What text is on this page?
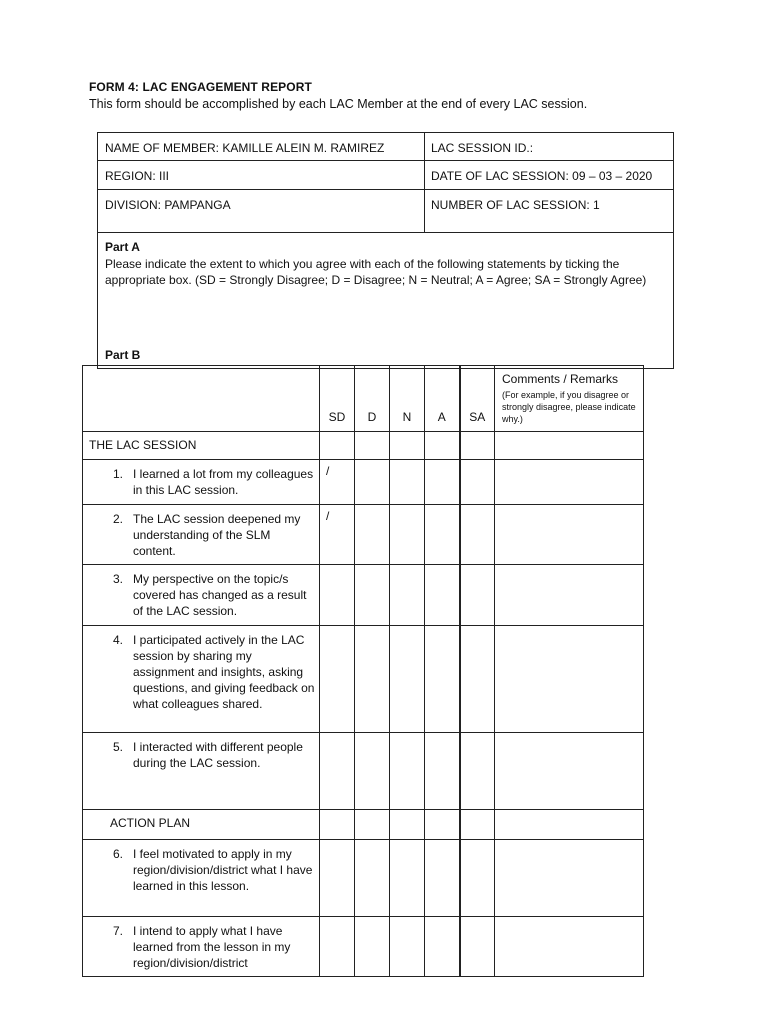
FORM 4: LAC ENGAGEMENT REPORT
This form should be accomplished by each LAC Member at the end of every LAC session.
NAME OF MEMBER: KAMILLE ALEIN M. RAMIREZ	LAC SESSION ID.:
REGION: III	DATE OF LAC SESSION: 09 – 03 – 2020
DIVISION: PAMPANGA	NUMBER OF LAC SESSION: 1
Part A
Please indicate the extent to which you agree with each of the following statements by ticking the appropriate box. (SD = Strongly Disagree; D = Disagree; N = Neutral; A = Agree; SA = Strongly Agree)
Part B
	SD	D	N	A	SA	Comments / Remarks
(For example, if you disagree or strongly disagree, please indicate why.)

THE LAC SESSION						

1. I learned a lot from my colleagues in this LAC session.	/					

2. The LAC session deepened my understanding of the SLM content.	/					

3. My perspective on the topic/s covered has changed as a result of the LAC session.						

4. I participated actively in the LAC session by sharing my assignment and insights, asking questions, and giving feedback on what colleagues shared.						

5. I interacted with different people during the LAC session.						

ACTION PLAN						

6. I feel motivated to apply in my region/division/district what I have learned in this lesson.						

7. I intend to apply what I have learned from the lesson in my region/division/district						
